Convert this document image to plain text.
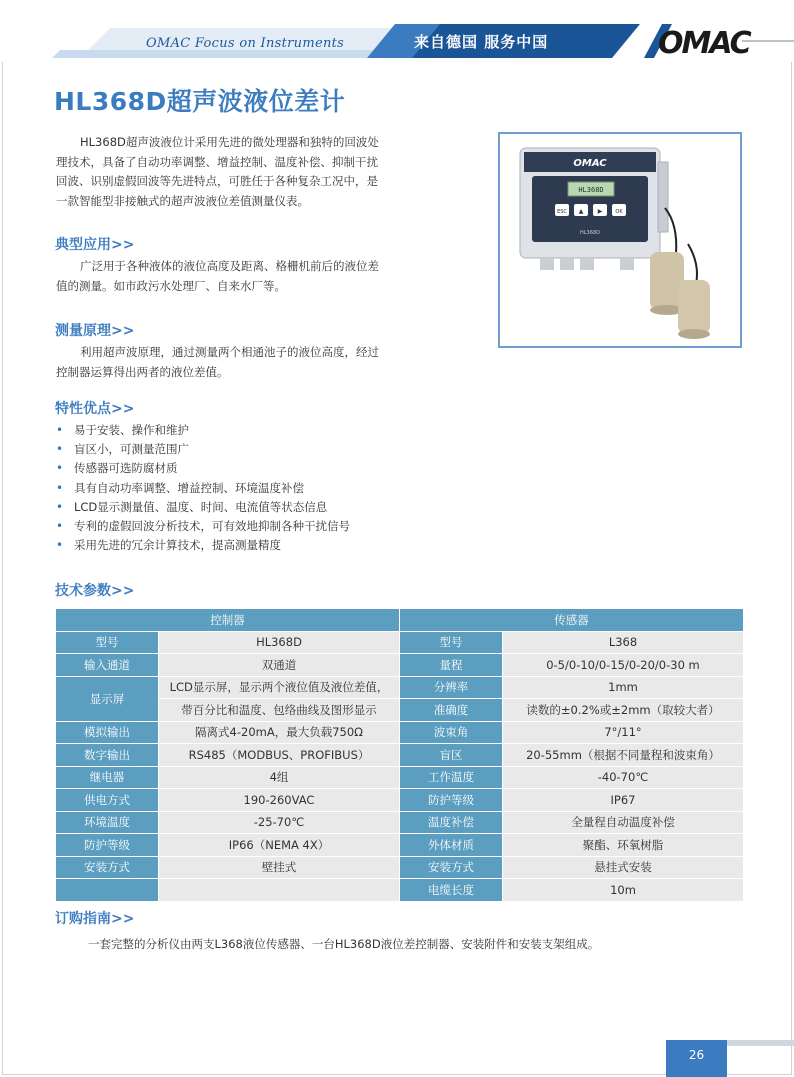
OMAC Focus on Instruments	来自德国 服务中国	OMAC
HL368D超声波液位差计
HL368D超声波液位计采用先进的微处理器和独特的回波处
理技术，具备了自动功率调整、增益控制、温度补偿、抑制干扰
回波、识别虚假回波等先进特点，可胜任于各种复杂工况中，是
一款智能型非接触式的超声波液位差值测量仪表。
典型应用>>
广泛用于各种液体的液位高度及距离、格栅机前后的液位差
值的测量。如市政污水处理厂、自来水厂等。
测量原理>>
利用超声波原理，通过测量两个相通池子的液位高度，经过
控制器运算得出两者的液位差值。
特性优点>>
• 易于安装、操作和维护
• 盲区小，可测量范围广
• 传感器可选防腐材质
• 具有自动功率调整、增益控制、环境温度补偿
• LCD显示测量值、温度、时间、电流值等状态信息
• 专利的虚假回波分析技术，可有效地抑制各种干扰信号
• 采用先进的冗余计算技术，提高测量精度
OMAC
HL368D
ESC ▲ ▶	OK
HL368D
技术参数>>
控制器		传感器	
型号	HL368D	型号	L368
输入通道	双通道	量程	0-5/0-10/0-15/0-20/0-30 m
显示屏	LCD显示屏，显示两个液位值及液位差值，	分辨率	1mm
	带百分比和温度、包络曲线及图形显示	准确度	读数的±0.2%或±2mm（取较大者）
模拟输出	隔离式4-20mA，最大负载750Ω	波束角	7°/11°
数字输出	RS485（MODBUS、PROFIBUS）	盲区	20-55mm（根据不同量程和波束角）
继电器	4组	工作温度	-40-70℃
供电方式	190-260VAC	防护等级	IP67
环境温度	-25-70℃	温度补偿	全量程自动温度补偿
防护等级	IP66（NEMA 4X）	外体材质	聚酯、环氧树脂
安装方式	壁挂式	安装方式	悬挂式安装
		电缆长度	10m
订购指南>>
一套完整的分析仪由两支L368液位传感器、一台HL368D液位差控制器、安装附件和安装支架组成。
26
